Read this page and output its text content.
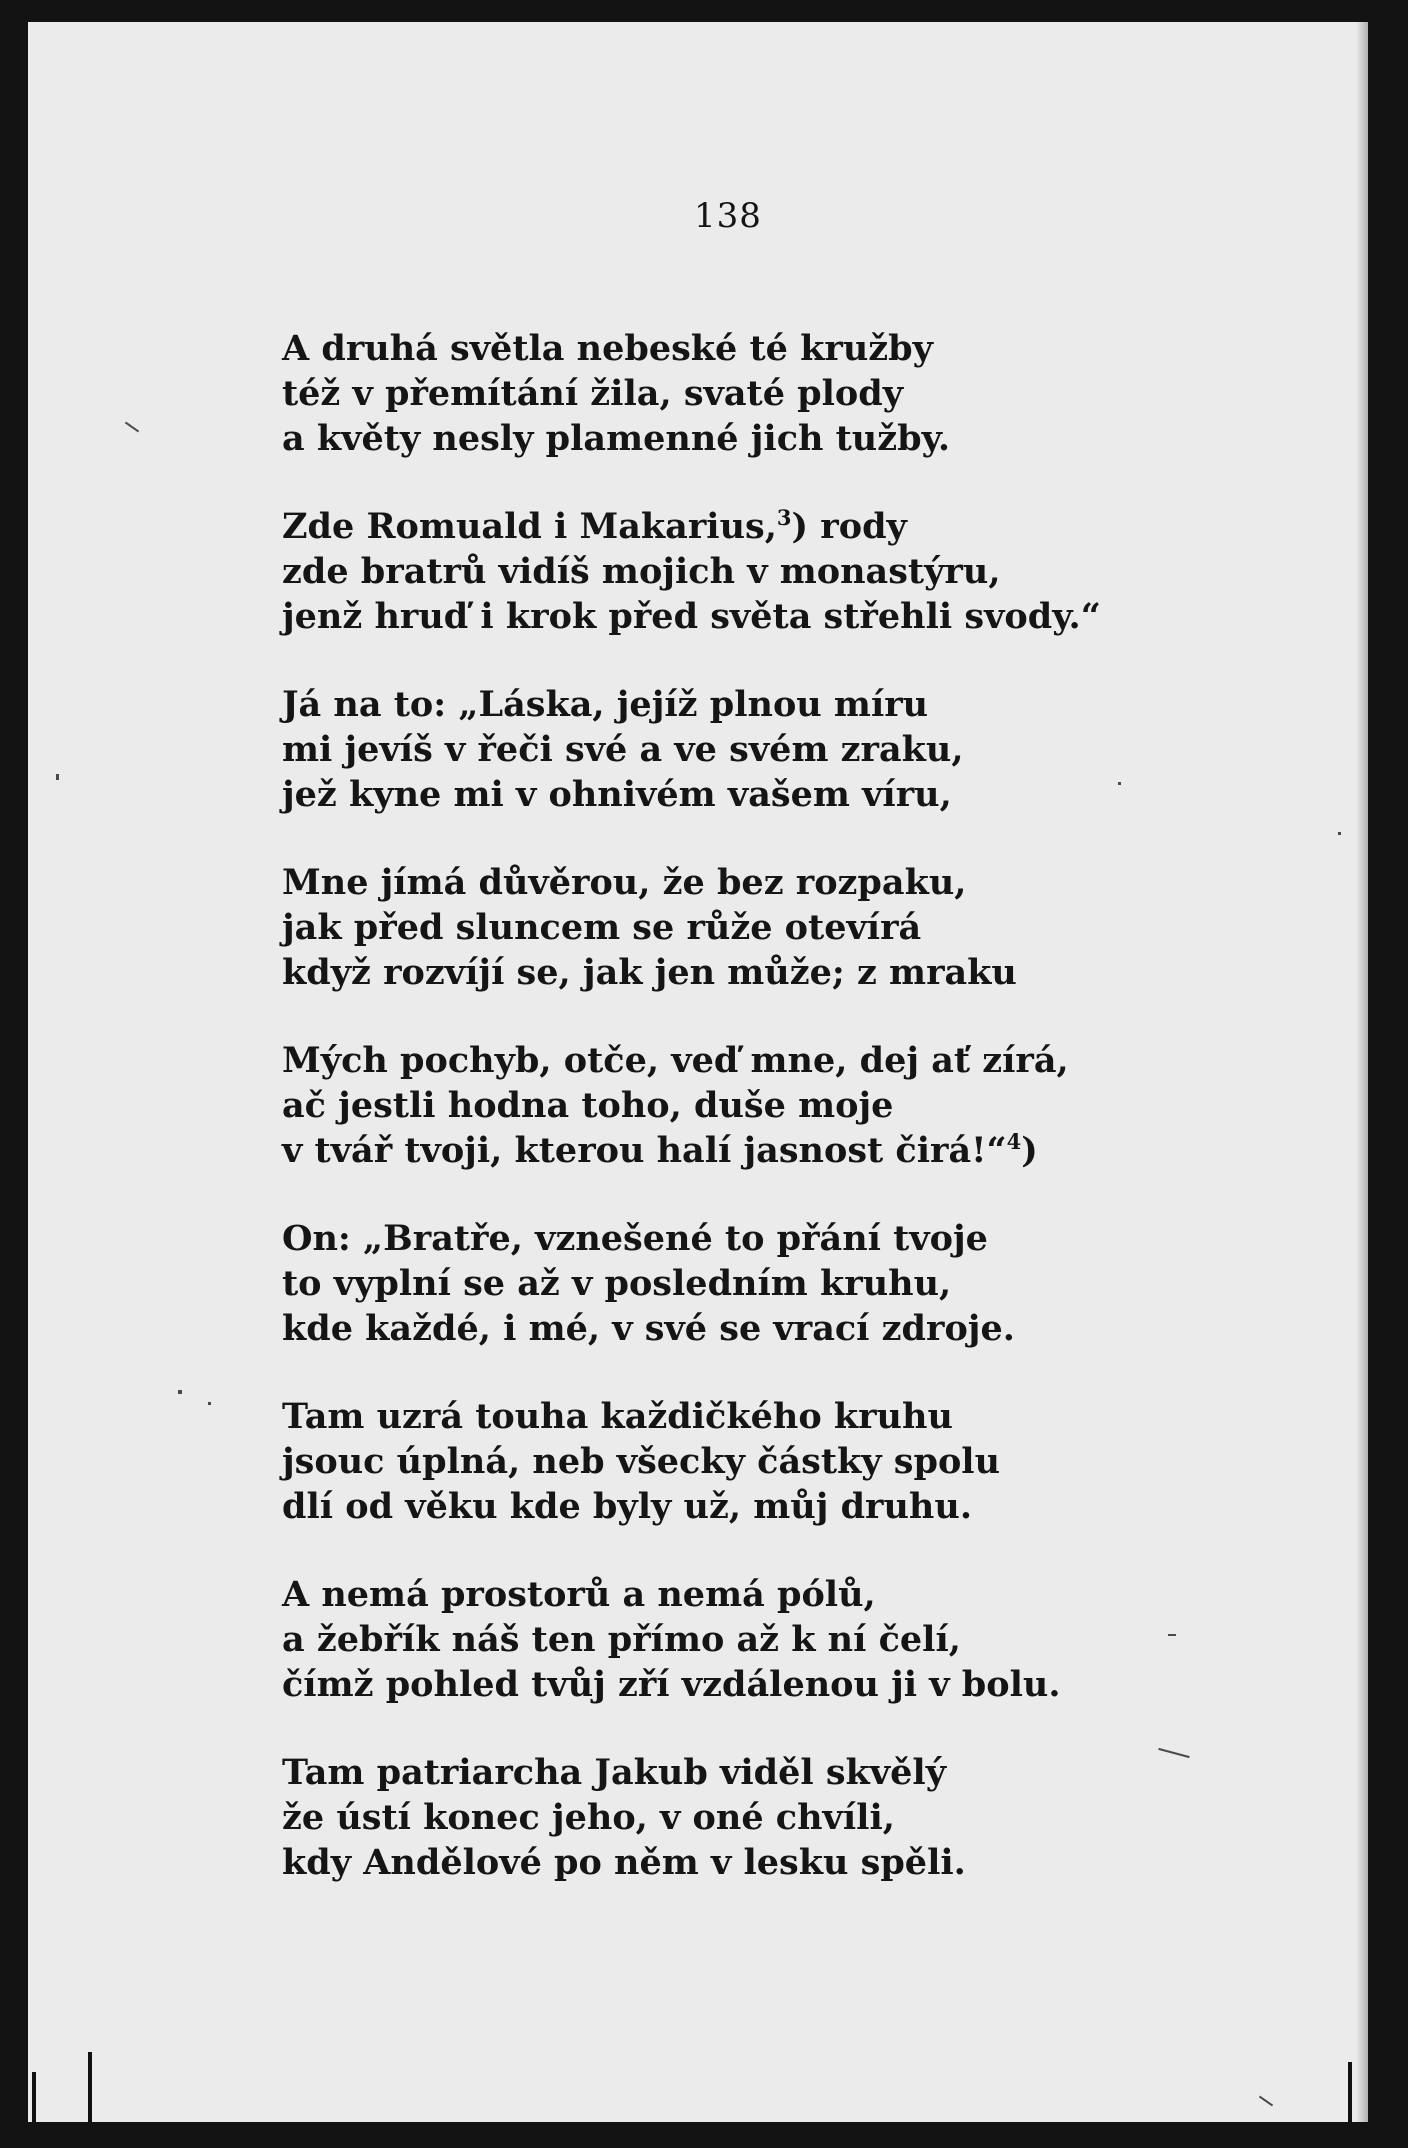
138
A druhá světla nebeské té kružby
též v přemítání žila, svaté plody
a květy nesly plamenné jich tužby.
Zde Romuald i Makarius,$^3$) rody
zde bratrů vidíš mojich v monastýru,
jenž hruď i krok před světa střehli svody.“
Já na to: „Láska, jejíž plnou míru
mi jevíš v řeči své a ve svém zraku,
jež kyne mi v ohnivém vašem víru,
Mne jímá důvěrou, že bez rozpaku,
jak před sluncem se růže otevírá
když rozvíjí se, jak jen může; z mraku
Mých pochyb, otče, veď mne, dej ať zírá,
ač jestli hodna toho, duše moje
v tvář tvoji, kterou halí jasnost čirá!“$^4$)
On: „Bratře, vznešené to přání tvoje
to vyplní se až v posledním kruhu,
kde každé, i mé, v své se vrací zdroje.
Tam uzrá touha každičkého kruhu
jsouc úplná, neb všecky částky spolu
dlí od věku kde byly už, můj druhu.
A nemá prostorů a nemá pólů,
a žebřík náš ten přímo až k ní čelí,
čímž pohled tvůj zří vzdálenou ji v bolu.
Tam patriarcha Jakub viděl skvělý
že ústí konec jeho, v oné chvíli,
kdy Andělové po něm v lesku spěli.
